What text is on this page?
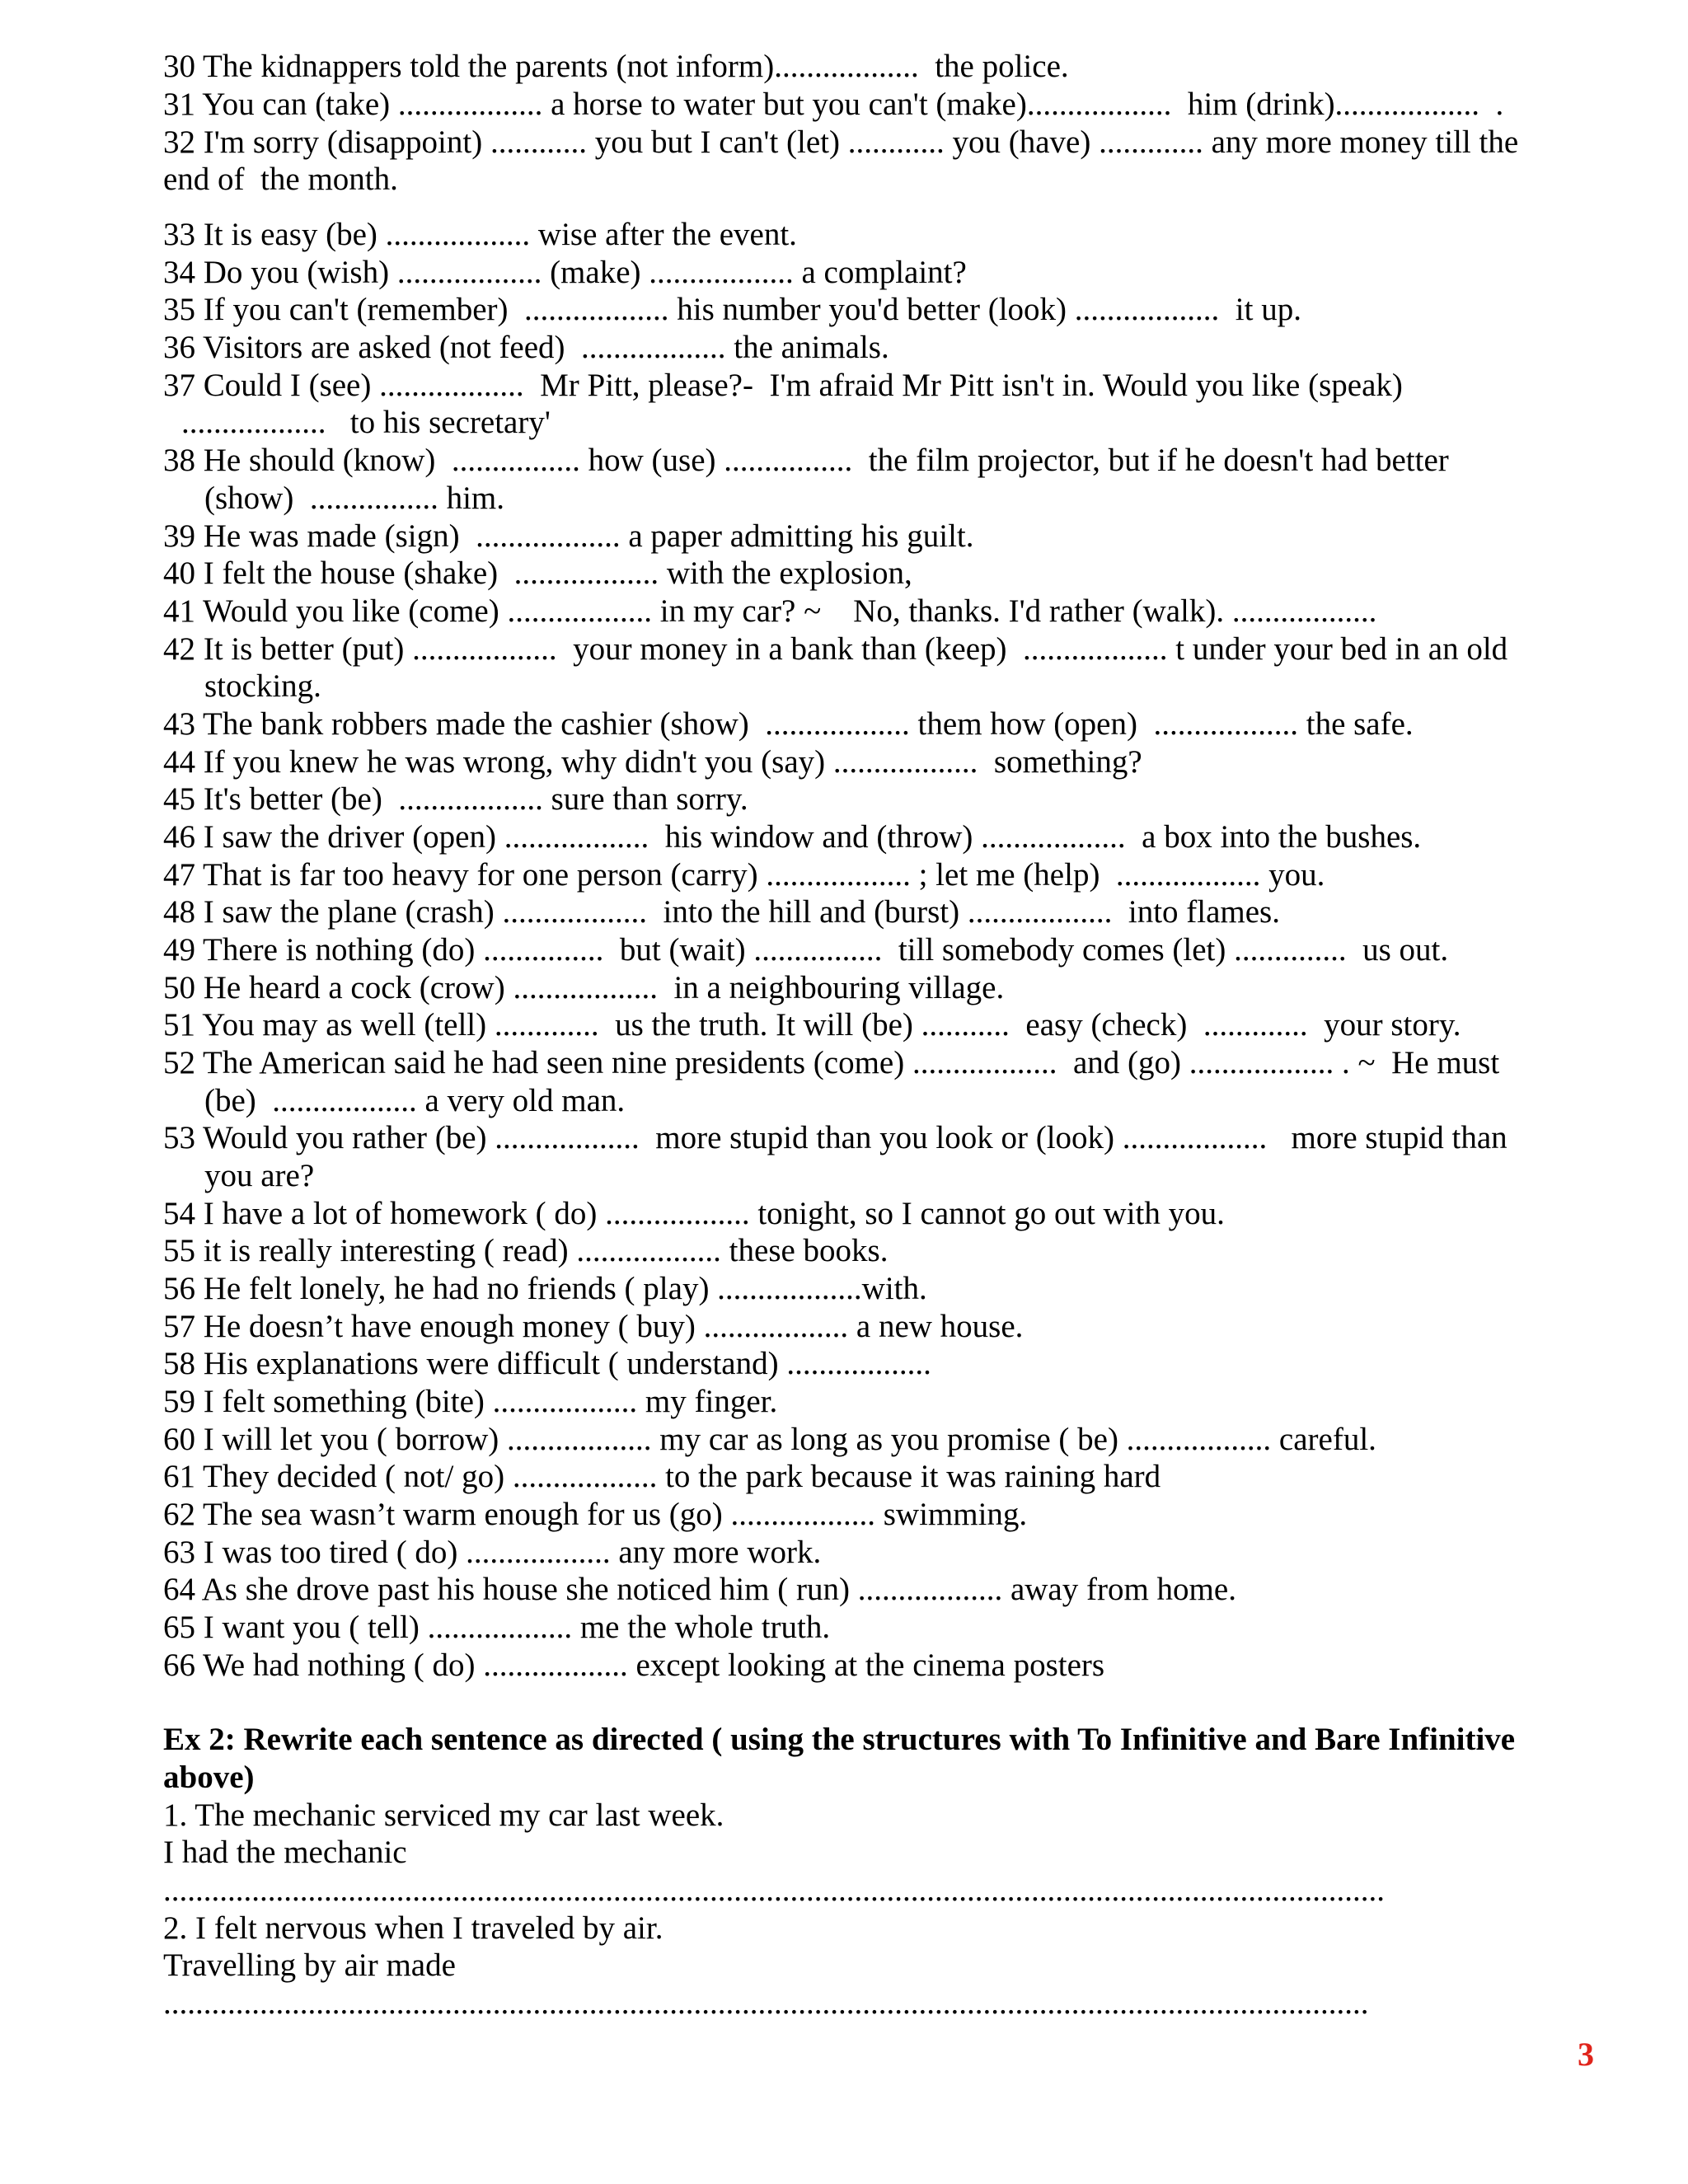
30 The kidnappers told the parents (not inform)..................  the police.

31 You can (take) .................. a horse to water but you can't (make)..................  him (drink)..................  .

32 I'm sorry (disappoint) ............ you but I can't (let) ............ you (have) ............. any more money till the

end of  the month.

33 It is easy (be) .................. wise after the event.

34 Do you (wish) .................. (make) .................. a complaint?

35 If you can't (remember)  .................. his number you'd better (look) ..................  it up.

36 Visitors are asked (not feed)  .................. the animals.

37 Could I (see) ..................  Mr Pitt, please?-  I'm afraid Mr Pitt isn't in. Would you like (speak)

..................   to his secretary'

38 He should (know)  ................ how (use) ................  the film projector, but if he doesn't had better

(show)  ................ him.

39 He was made (sign)  .................. a paper admitting his guilt.

40 I felt the house (shake)  .................. with the explosion,

41 Would you like (come) .................. in my car? ~    No, thanks. I'd rather (walk). ..................

42 It is better (put) ..................  your money in a bank than (keep)  .................. t under your bed in an old

stocking.

43 The bank robbers made the cashier (show)  .................. them how (open)  .................. the safe.

44 If you knew he was wrong, why didn't you (say) ..................  something?

45 It's better (be)  .................. sure than sorry.

46 I saw the driver (open) ..................  his window and (throw) ..................  a box into the bushes.

47 That is far too heavy for one person (carry) .................. ; let me (help)  .................. you.

48 I saw the plane (crash) ..................  into the hill and (burst) ..................  into flames.

49 There is nothing (do) ...............  but (wait) ................  till somebody comes (let) ..............  us out.

50 He heard a cock (crow) ..................  in a neighbouring village.

51 You may as well (tell) .............  us the truth. It will (be) ...........  easy (check)  .............  your story.

52 The American said he had seen nine presidents (come) ..................  and (go) .................. . ~  He must

(be)  .................. a very old man.

53 Would you rather (be) ..................  more stupid than you look or (look) ..................   more stupid than

you are?

54 I have a lot of homework ( do) .................. tonight, so I cannot go out with you.

55 it is really interesting ( read) .................. these books.

56 He felt lonely, he had no friends ( play) ..................with.

57 He doesn’t have enough money ( buy) .................. a new house.

58 His explanations were difficult ( understand) ..................

59 I felt something (bite) .................. my finger.

60 I will let you ( borrow) .................. my car as long as you promise ( be) .................. careful.

61 They decided ( not/ go) .................. to the park because it was raining hard

62 The sea wasn’t warm enough for us (go) .................. swimming.

63 I was too tired ( do) .................. any more work.

64 As she drove past his house she noticed him ( run) .................. away from home.

65 I want you ( tell) .................. me the whole truth.

66 We had nothing ( do) .................. except looking at the cinema posters

Ex 2: Rewrite each sentence as directed ( using the structures with To Infinitive and Bare Infinitive

above)

1. The mechanic serviced my car last week.

I had the mechanic

........................................................................................................................................................

2. I felt nervous when I traveled by air.

Travelling by air made

......................................................................................................................................................

3
